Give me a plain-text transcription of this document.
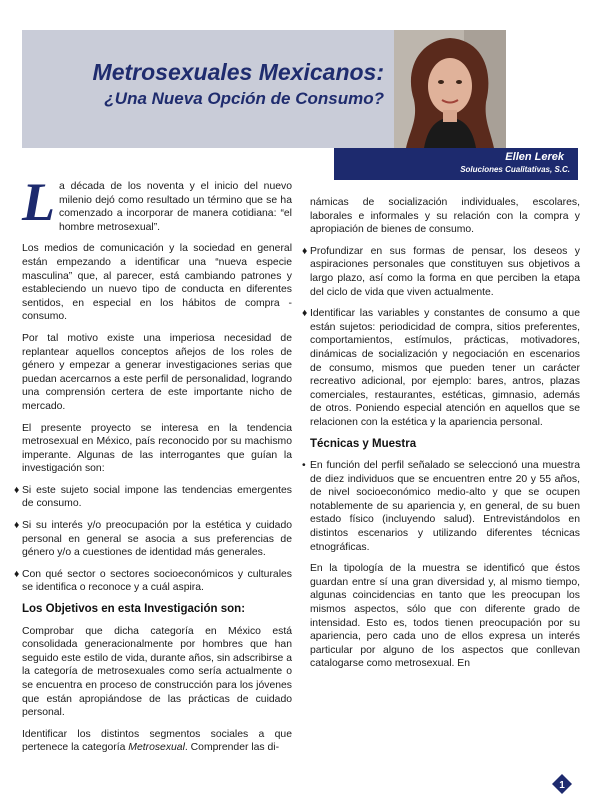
Metrosexuales Mexicanos:
¿Una Nueva Opción de Consumo?
Ellen Lerek
Soluciones Cualitativas, S.C.

La década de los noventa y el inicio del nuevo milenio dejó como resultado un término que se ha comenzado a incorporar de manera cotidiana: “el hombre metrosexual”.

Los medios de comunicación y la sociedad en general están empezando a identificar una “nueva especie masculina” que, al parecer, está cambiando patrones y estableciendo un nuevo tipo de conducta en diferentes sentidos, en especial en los hábitos de compra - consumo.

Por tal motivo existe una imperiosa necesidad de replantear aquellos conceptos añejos de los roles de género y empezar a generar investigaciones serias que puedan acercarnos a este perfil de personalidad, logrando una comprensión certera de este importante nicho de mercado.

El presente proyecto se interesa en la tendencia metrosexual en México, país reconocido por su machismo imperante. Algunas de las interrogantes que guían la investigación son:

♦ Si este sujeto social impone las tendencias emergentes de consumo.

♦ Si su interés y/o preocupación por la estética y cuidado personal en general se asocia a sus preferencias de género y/o a cuestiones de identidad más generales.

♦ Con qué sector o sectores socioeconómicos y culturales se identifica o reconoce y a cuál aspira.

Los Objetivos en esta Investigación son:

Comprobar que dicha categoría en México está consolidada generacionalmente por hombres que han seguido este estilo de vida, durante años, sin adscribirse a la categoría de metrosexuales como sería actualmente o se encuentra en proceso de construcción para los jóvenes que están apropiándose de las prácticas de cuidado personal.

Identificar los distintos segmentos sociales a que pertenece la categoría Metrosexual. Comprender las di-

námicas de socialización individuales, escolares, laborales e informales y su relación con la compra y apropiación de bienes de consumo.

♦ Profundizar en sus formas de pensar, los deseos y aspiraciones personales que constituyen sus objetivos a largo plazo, así como la forma en que perciben la etapa del ciclo de vida que viven actualmente.

♦ Identificar las variables y constantes de consumo a que están sujetos: periodicidad de compra, sitios preferentes, comportamientos, estímulos, prácticas, motivadores, dinámicas de socialización y negociación en escenarios de consumo, mismos que pueden tener un carácter recreativo adicional, por ejemplo: bares, antros, plazas comerciales, restaurantes, estéticas, gimnasio, además de otros. Poniendo especial atención en aquellos que se relacionen con la estética y la apariencia personal.

Técnicas y Muestra

• En función del perfil señalado se seleccionó una muestra de diez individuos que se encuentren entre 20 y 55 años, de nivel socioeconómico medio-alto y que se ocupen notablemente de su apariencia y, en general, de su buen estado físico (incluyendo salud). Entrevistándolos en distintos escenarios y utilizando diferentes técnicas etnográficas.

En la tipología de la muestra se identificó que éstos guardan entre sí una gran diversidad y, al mismo tiempo, algunas coincidencias en tanto que les preocupan los mismos aspectos, sólo que con diferente grado de intensidad. Esto es, todos tienen preocupación por su apariencia, pero cada uno de ellos expresa un interés particular por alguno de los aspectos que conllevan catalogarse como metrosexual. En

1
